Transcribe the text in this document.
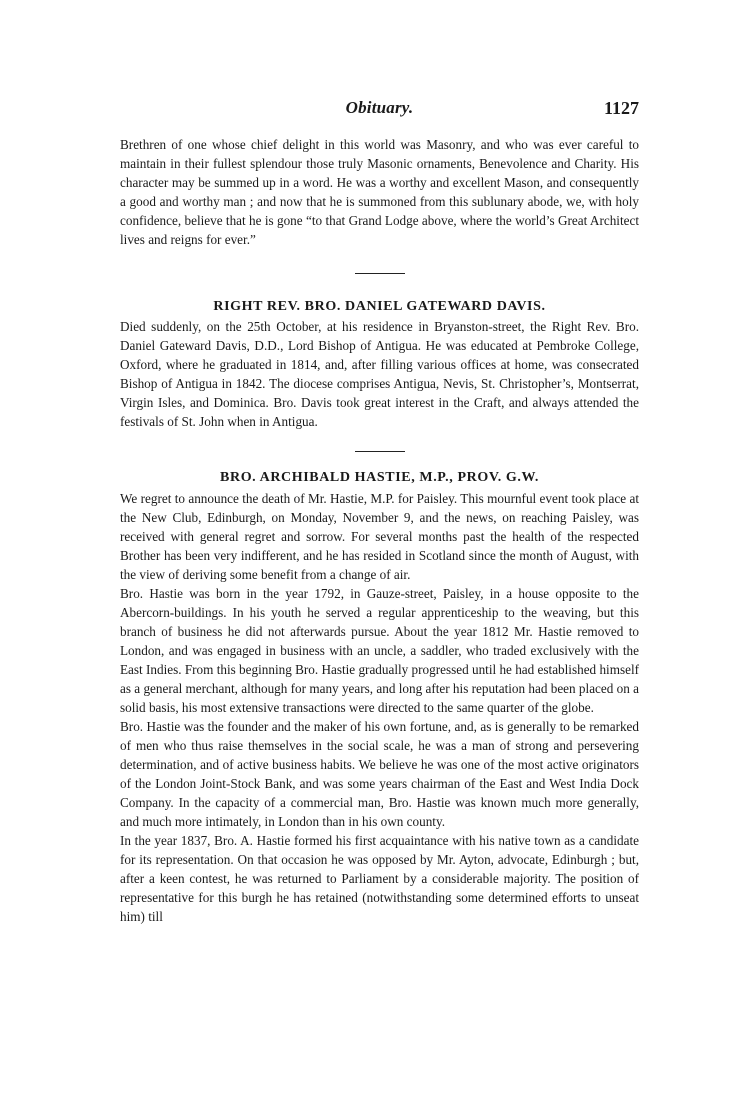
Obituary.	1127

Brethren of one whose chief delight in this world was Masonry, and who was ever careful to maintain in their fullest splendour those truly Masonic ornaments, Benevolence and Charity. His character may be summed up in a word. He was a worthy and excellent Mason, and consequently a good and worthy man ; and now that he is summoned from this sublunary abode, we, with holy confidence, believe that he is gone “to that Grand Lodge above, where the world’s Great Architect lives and reigns for ever.”

RIGHT REV. BRO. DANIEL GATEWARD DAVIS.

Died suddenly, on the 25th October, at his residence in Bryanston-street, the Right Rev. Bro. Daniel Gateward Davis, D.D., Lord Bishop of Antigua. He was educated at Pembroke College, Oxford, where he graduated in 1814, and, after filling various offices at home, was consecrated Bishop of Antigua in 1842. The diocese comprises Antigua, Nevis, St. Christopher’s, Montserrat, Virgin Isles, and Dominica. Bro. Davis took great interest in the Craft, and always attended the festivals of St. John when in Antigua.

BRO. ARCHIBALD HASTIE, M.P., PROV. G.W.

We regret to announce the death of Mr. Hastie, M.P. for Paisley. This mournful event took place at the New Club, Edinburgh, on Monday, November 9, and the news, on reaching Paisley, was received with general regret and sorrow. For several months past the health of the respected Brother has been very indifferent, and he has resided in Scotland since the month of August, with the view of deriving some benefit from a change of air.

Bro. Hastie was born in the year 1792, in Gauze-street, Paisley, in a house opposite to the Abercorn-buildings. In his youth he served a regular apprenticeship to the weaving, but this branch of business he did not afterwards pursue. About the year 1812 Mr. Hastie removed to London, and was engaged in business with an uncle, a saddler, who traded exclusively with the East Indies. From this beginning Bro. Hastie gradually progressed until he had established himself as a general merchant, although for many years, and long after his reputation had been placed on a solid basis, his most extensive transactions were directed to the same quarter of the globe.

Bro. Hastie was the founder and the maker of his own fortune, and, as is generally to be remarked of men who thus raise themselves in the social scale, he was a man of strong and persevering determination, and of active business habits. We believe he was one of the most active originators of the London Joint-Stock Bank, and was some years chairman of the East and West India Dock Company. In the capacity of a commercial man, Bro. Hastie was known much more generally, and much more intimately, in London than in his own county.

In the year 1837, Bro. A. Hastie formed his first acquaintance with his native town as a candidate for its representation. On that occasion he was opposed by Mr. Ayton, advocate, Edinburgh ; but, after a keen contest, he was returned to Parliament by a considerable majority. The position of representative for this burgh he has retained (notwithstanding some determined efforts to unseat him) till
